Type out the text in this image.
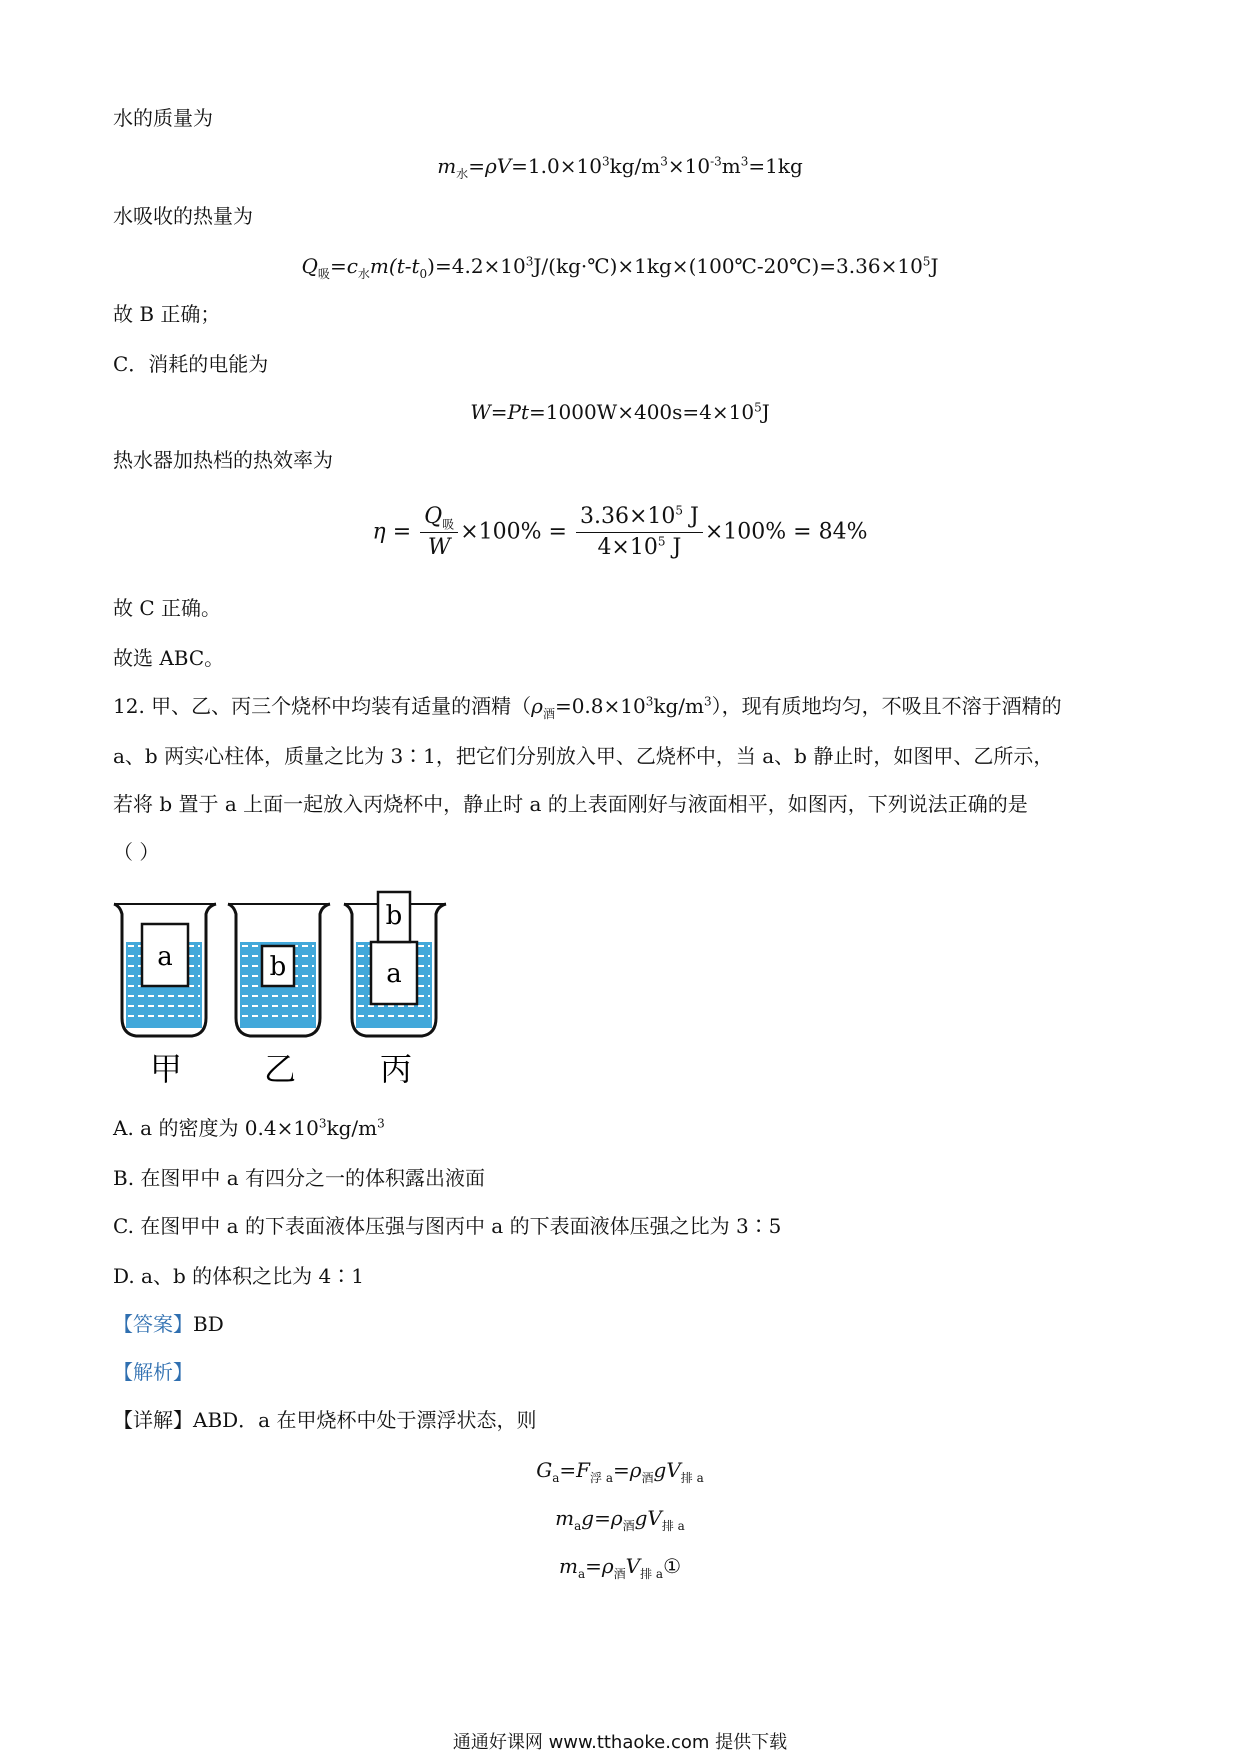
水的质量为
$m_水=\rho V=1.0\times 10^3kg/m^3\times 10^{-3}m^3=1kg$
水吸收的热量为
$Q_吸=c_水m(t-t_0)=4.2\times 10^3J/(kg\cdot℃)\times 1kg\times(100℃-20℃)=3.36\times 10^5J$
故 B 正确；
C．消耗的电能为
$W=Pt=1000W\times 400s=4\times 10^5J$
热水器加热档的热效率为
$\eta = \frac{Q_吸}{W} \times 100\% = \frac{3.36\times 10^5 J}{4\times 10^5 J} \times 100\% = 84\%$
故 C 正确。
故选 ABC。
12. 甲、乙、丙三个烧杯中均装有适量的酒精$(\rho_酒=0.8\times 10^3kg/m^3)$，现有质地均匀，不吸且不溶于酒精的
a、b 两实心柱体，质量之比为 3∶1，把它们分别放入甲、乙烧杯中，当 a、b 静止时，如图甲、乙所示，
若将 b 置于 a 上面一起放入丙烧杯中，静止时 a 的上表面刚好与液面相平，如图丙，下列说法正确的是
（ ）
a	b	a
b
甲	乙	丙
A. a 的密度为 $0.4\times 10^3kg/m^3$
B. 在图甲中 a 有四分之一的体积露出液面
C. 在图甲中 a 的下表面液体压强与图丙中 a 的下表面液体压强之比为 3∶5
D. a、b 的体积之比为 4∶1
【答案】BD
【解析】
【详解】ABD．a 在甲烧杯中处于漂浮状态，则
$G_a=F_{浮 a}=\rho_酒gV_{排 a}$
$m_ag=\rho_酒gV_{排 a}$
$m_a=\rho_酒V_{排 a}①$
通通好课网 www.tthaoke.com 提供下载
